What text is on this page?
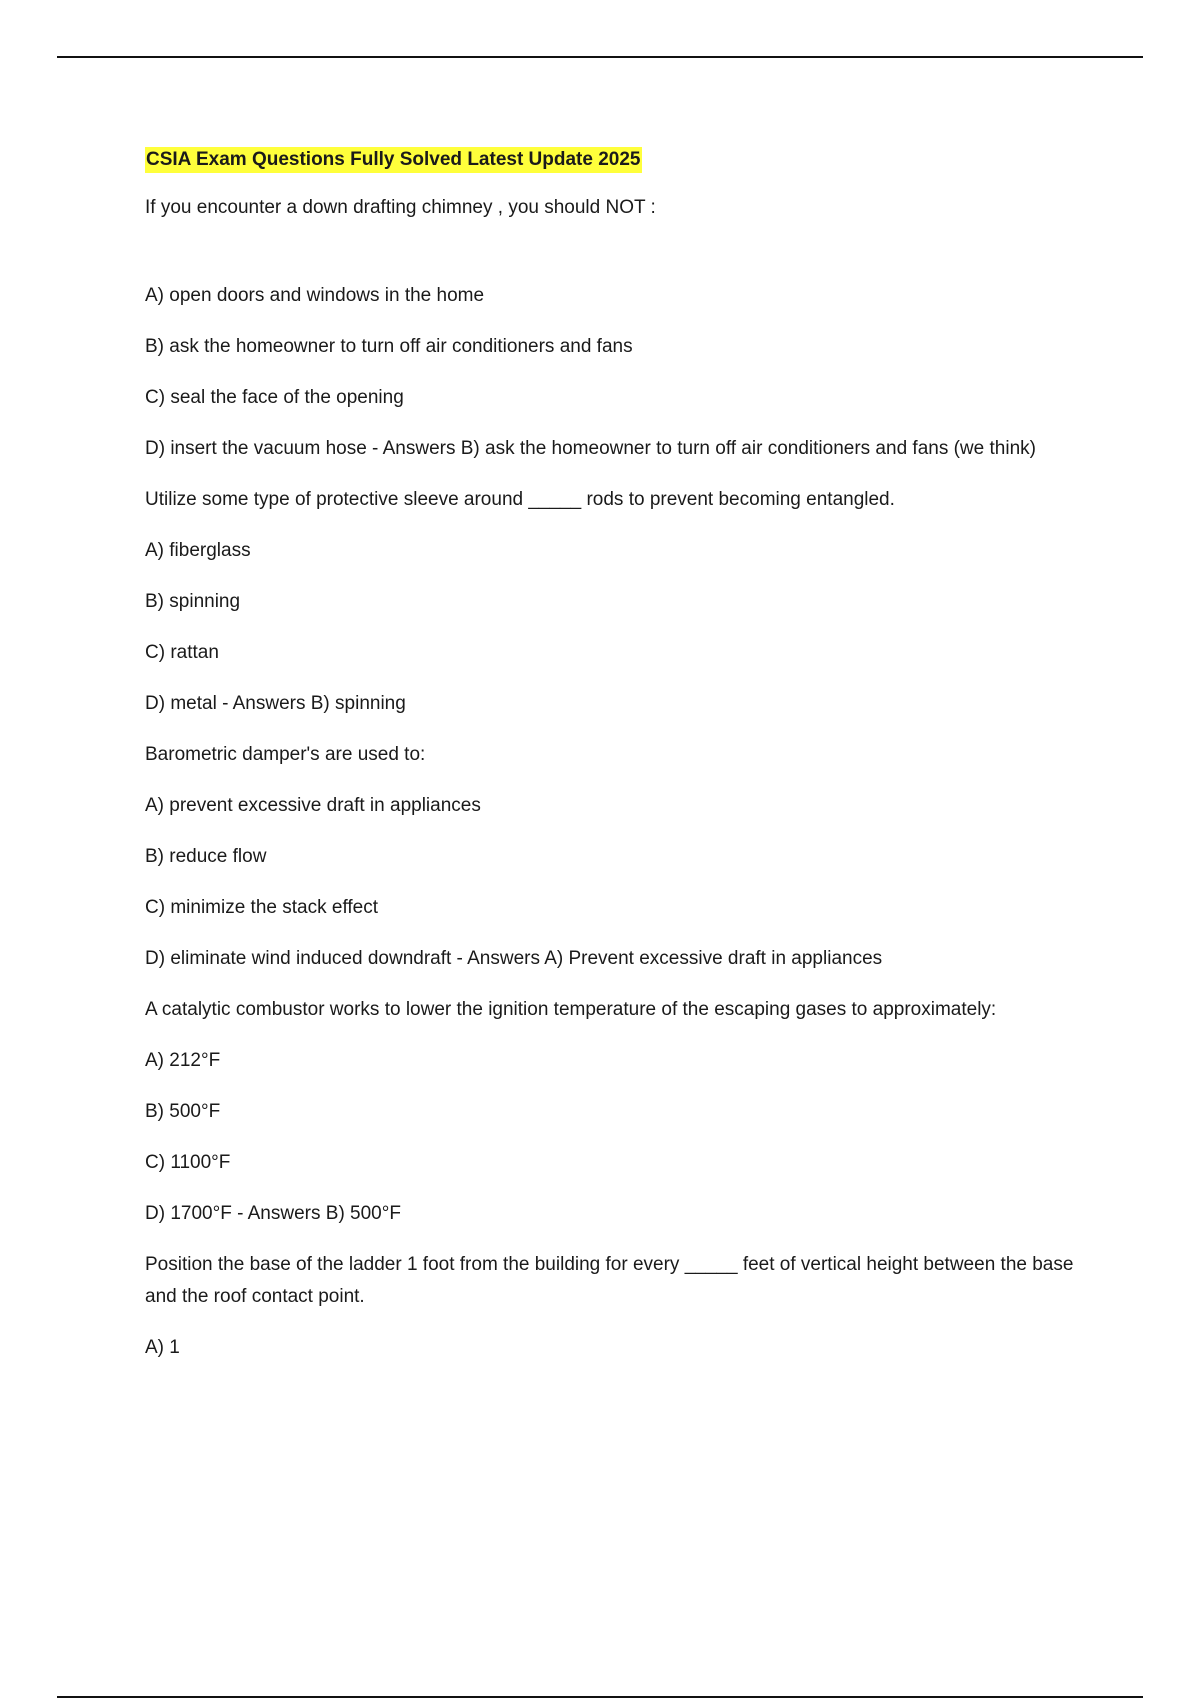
CSIA Exam Questions Fully Solved Latest Update 2025
If you encounter a down drafting chimney , you should NOT :
A) open doors and windows in the home
B) ask the homeowner to turn off air conditioners and fans
C) seal the face of the opening
D) insert the vacuum hose - Answers B) ask the homeowner to turn off air conditioners and fans (we think)
Utilize some type of protective sleeve around _____ rods to prevent becoming entangled.
A) fiberglass
B) spinning
C) rattan
D) metal - Answers B) spinning
Barometric damper's are used to:
A) prevent excessive draft in appliances
B) reduce flow
C) minimize the stack effect
D) eliminate wind induced downdraft - Answers A) Prevent excessive draft in appliances
A catalytic combustor works to lower the ignition temperature of the escaping gases to approximately:
A) 212°F
B) 500°F
C) 1100°F
D) 1700°F - Answers B) 500°F
Position the base of the ladder 1 foot from the building for every _____ feet of vertical height between the base and the roof contact point.
A) 1
